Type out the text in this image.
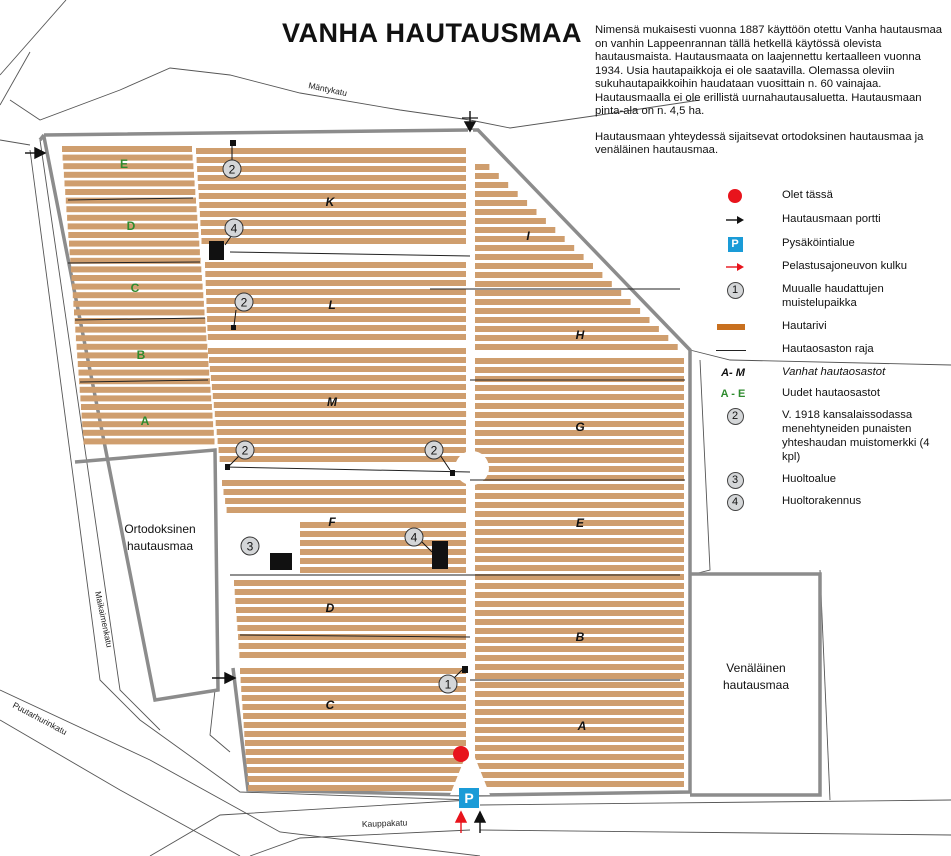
2
4
2
2	2
4
3
1
P
K
L
M
F
D
C
I
H
G
E
B
A
E
D
C
B
A
Ortodoksinen
hautausmaa
Venäläinen
hautausmaa
Mäntykatu
Maikaimenkatu
Puutarhurinkatu
Kauppakatu
VANHA HAUTAUSMAA Nimensä mukaisesti vuonna 1887 käyttöön otettu Vanha hautausmaa on vanhin Lappeenrannan tällä hetkellä käytössä olevista hautausmaista. Hautausmaata on laajennettu kertaalleen vuonna 1934. Usia hautapaikkoja ei ole saatavilla. Olemassa oleviin sukuhautapaikkoihin haudataan vuosittain n. 60 vainajaa. Hautausmaalla ei ole erillistä uurnahautausaluetta. Hautausmaan pinta-ala on n. 4,5 ha.

Hautausmaan yhteydessä sijaitsevat ortodoksinen hautausmaa ja venäläinen hautausmaa.

Olet tässä
Hautausmaan portti
P	Pysäköintialue
Pelastusajoneuvon kulku
1	Muualle haudattujen muistelupaikka
Hautarivi
Hautaosaston raja
A- M	Vanhat hautaosastot
A - E	Uudet hautaosastot
2	V. 1918 kansalaissodassa menehtyneiden punaisten yhteshaudan muistomerkki (4 kpl)
3	Huoltoalue
4	Huoltorakennus
